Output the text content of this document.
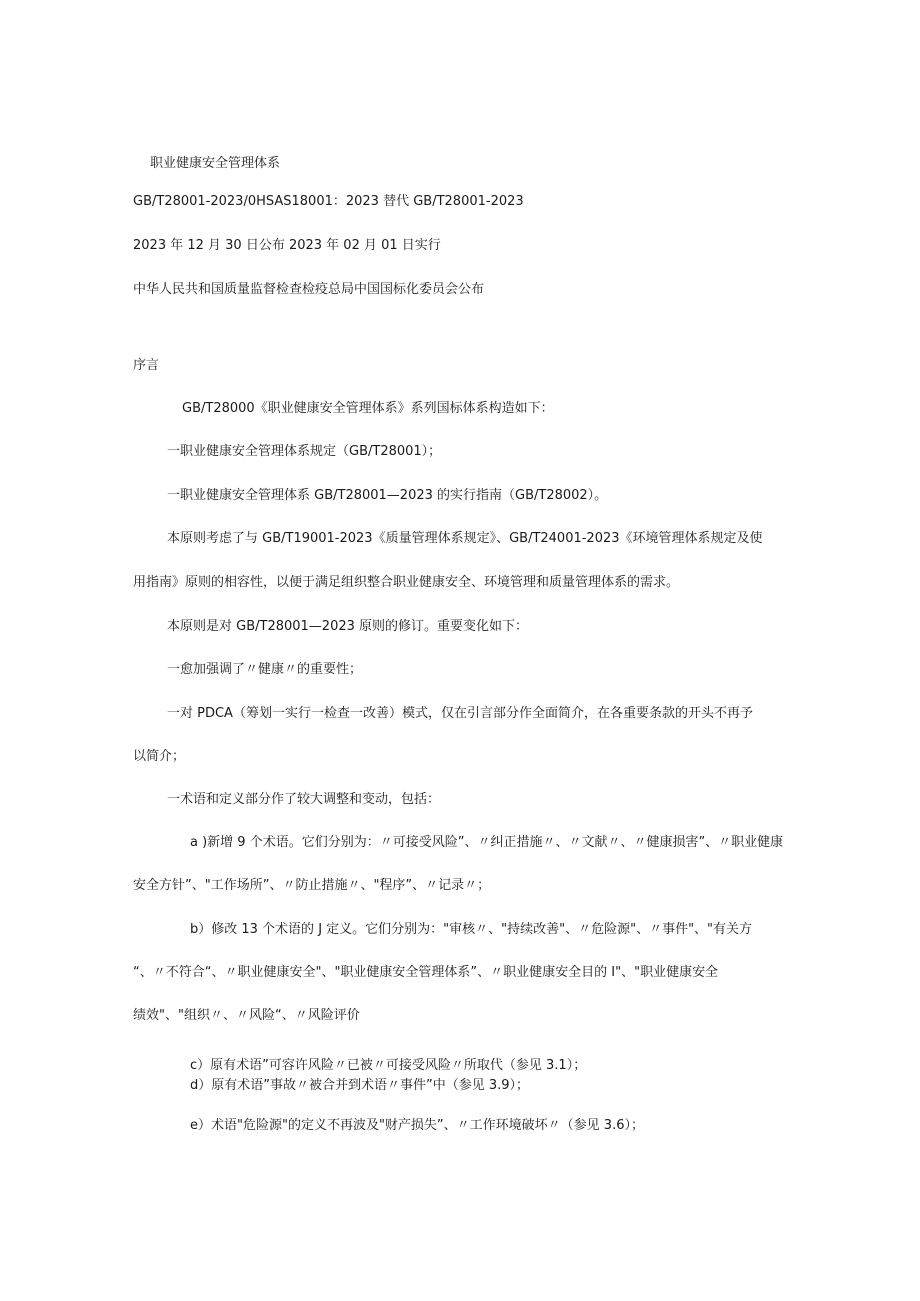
职业健康安全管理体系
GB/T28001-2023/0HSAS18001：2023 替代 GB/T28001-2023
2023 年 12 月 30 日公布 2023 年 02 月 01 日实行
中华人民共和国质量监督检查检疫总局中国国标化委员会公布
序言
GB/T28000《职业健康安全管理体系》系列国标体系构造如下：
一职业健康安全管理体系规定（GB/T28001）；
一职业健康安全管理体系 GB/T28001—2023 的实行指南（GB/T28002）。
本原则考虑了与 GB/T19001-2023《质量管理体系规定》、GB/T24001-2023《环境管理体系规定及使
用指南》原则的相容性，以便于满足组织整合职业健康安全、环境管理和质量管理体系的需求。
本原则是对 GB/T28001—2023 原则的修订。重要变化如下：
一愈加强调了〃健康〃的重要性；
一对 PDCA（筹划一实行一检查一改善）模式，仅在引言部分作全面简介，在各重要条款的开头不再予
以简介；
一术语和定义部分作了较大调整和变动，包括：
a )新增 9 个术语。它们分别为：〃可接受风险”、〃纠正措施〃、〃文献〃、〃健康损害”、〃职业健康
安全方针”、"工作场所”、〃防止措施〃、"程序”、〃记录〃；
b）修改 13 个术语的 J 定义。它们分别为："审核〃、"持续改善"、〃危险源"、〃事件"、"有关方
“、〃不符合“、〃职业健康安全"、"职业健康安全管理体系”、〃职业健康安全目的 I"、"职业健康安全
绩效"、"组织〃、〃风险“、〃风险评价
c）原有术语”可容许风险〃已被〃可接受风险〃所取代（参见 3.1）；
d）原有术语”事故〃被合并到术语〃事件”中（参见 3.9）；
e）术语"危险源"的定义不再波及"财产损失”、〃工作环境破坏〃（参见 3.6）；
